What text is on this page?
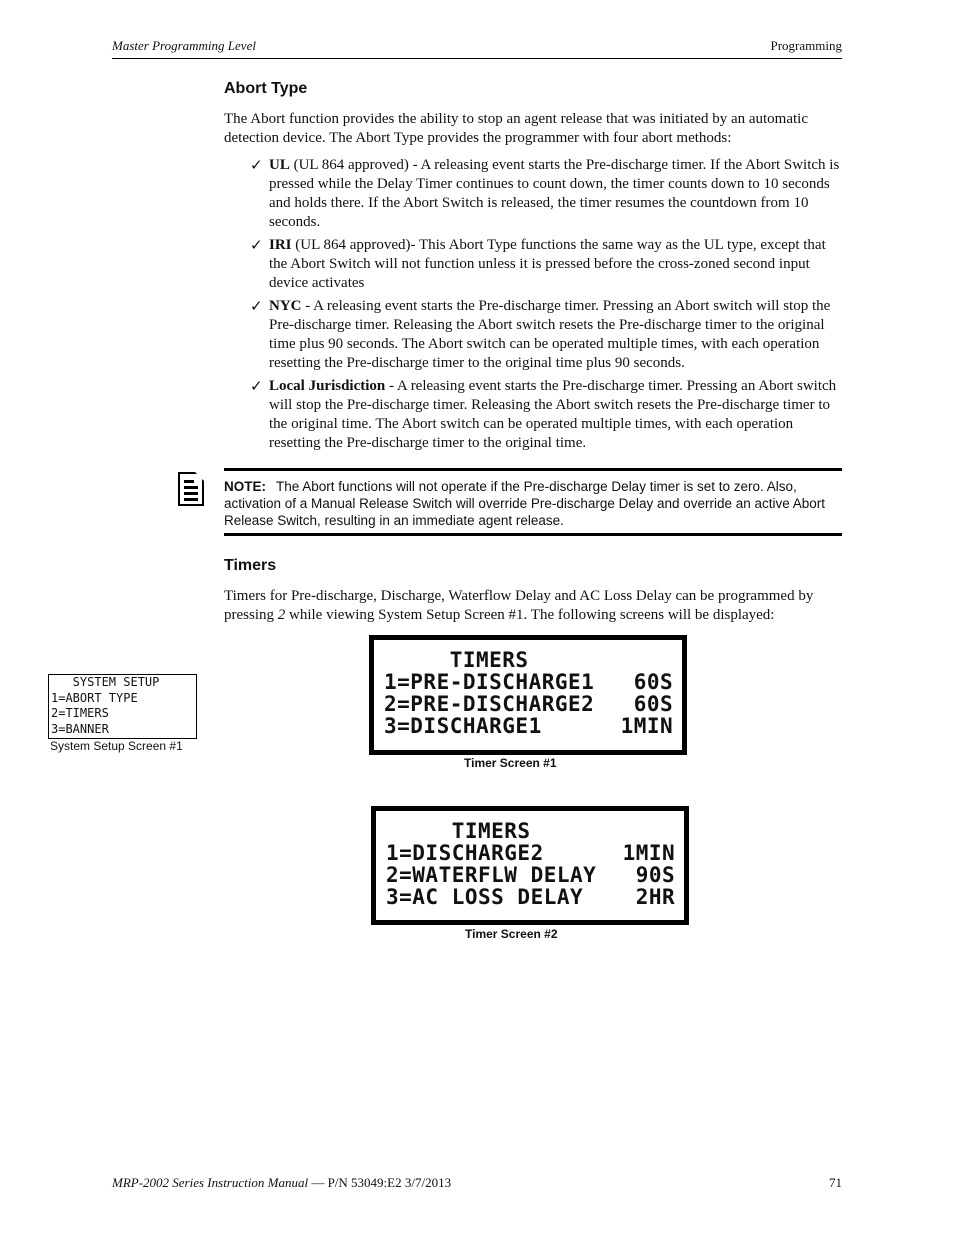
Master Programming Level	Programming
Abort Type

The Abort function provides the ability to stop an agent release that was initiated by an automatic detection device. The Abort Type provides the programmer with four abort methods:

✓ UL (UL 864 approved) - A releasing event starts the Pre-discharge timer. If the Abort Switch is pressed while the Delay Timer continues to count down, the timer counts down to 10 seconds and holds there. If the Abort Switch is released, the timer resumes the countdown from 10 seconds.
✓ IRI (UL 864 approved)- This Abort Type functions the same way as the UL type, except that the Abort Switch will not function unless it is pressed before the cross-zoned second input device activates
✓ NYC - A releasing event starts the Pre-discharge timer. Pressing an Abort switch will stop the Pre-discharge timer. Releasing the Abort switch resets the Pre-discharge timer to the original time plus 90 seconds. The Abort switch can be operated multiple times, with each operation resetting the Pre-discharge timer to the original time plus 90 seconds.
✓ Local Jurisdiction - A releasing event starts the Pre-discharge timer. Pressing an Abort switch will stop the Pre-discharge timer. Releasing the Abort switch resets the Pre-discharge timer to the original time. The Abort switch can be operated multiple times, with each operation resetting the Pre-discharge timer to the original time.

NOTE: The Abort functions will not operate if the Pre-discharge Delay timer is set to zero. Also, activation of a Manual Release Switch will override Pre-discharge Delay and override an active Abort Release Switch, resulting in an immediate agent release.

Timers

Timers for Pre-discharge, Discharge, Waterflow Delay and AC Loss Delay can be programmed by pressing 2 while viewing System Setup Screen #1. The following screens will be displayed:

SYSTEM SETUP
1=ABORT TYPE
2=TIMERS
3=BANNER
System Setup Screen #1
TIMERS
1=PRE-DISCHARGE1   60S
2=PRE-DISCHARGE2   60S
3=DISCHARGE1      1MIN
Timer Screen #1
TIMERS
1=DISCHARGE2      1MIN
2=WATERFLW DELAY   90S
3=AC LOSS DELAY    2HR
Timer Screen #2
MRP-2002 Series Instruction Manual — P/N 53049:E2 3/7/2013	71
